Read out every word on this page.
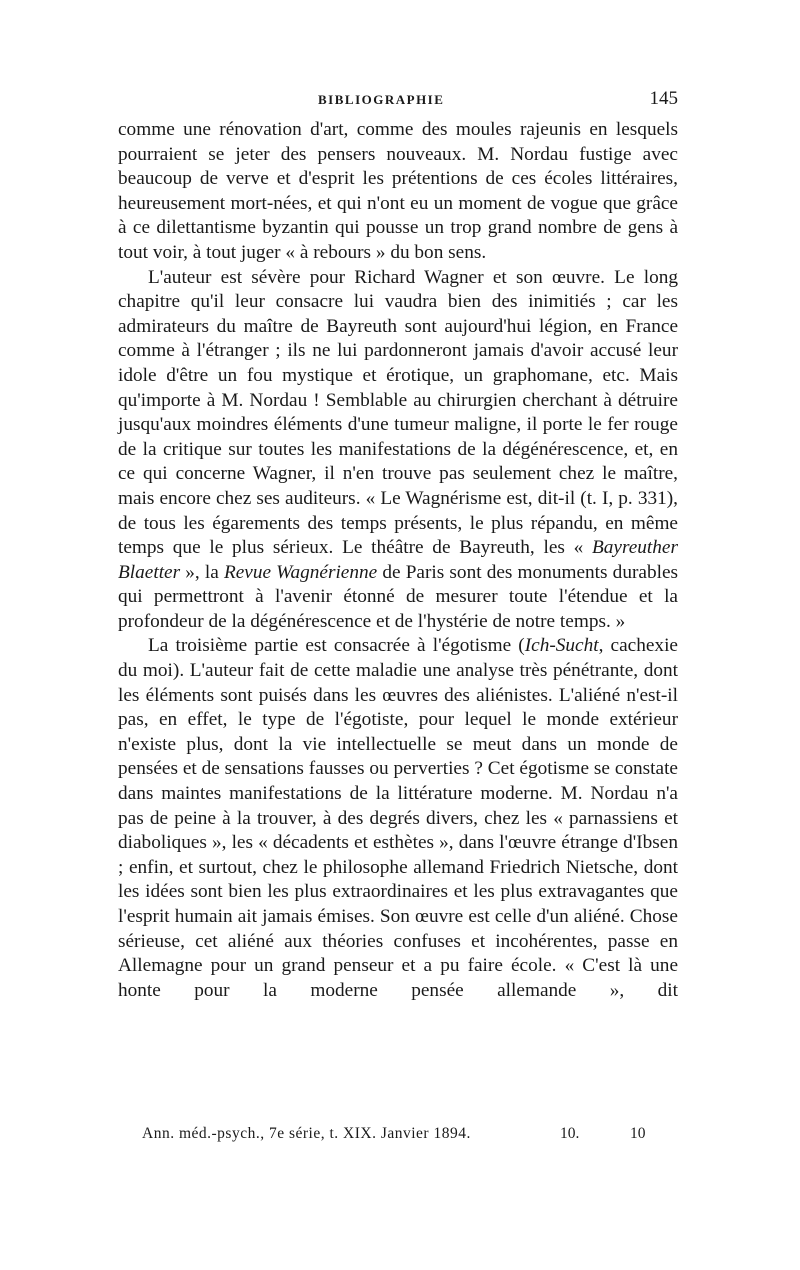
BIBLIOGRAPHIE	145

comme une rénovation d'art, comme des moules rajeunis en lesquels pourraient se jeter des pensers nouveaux. M. Nordau fustige avec beaucoup de verve et d'esprit les prétentions de ces écoles littéraires, heureusement mort-nées, et qui n'ont eu un moment de vogue que grâce à ce dilettantisme byzantin qui pousse un trop grand nombre de gens à tout voir, à tout juger « à rebours » du bon sens.

L'auteur est sévère pour Richard Wagner et son œuvre. Le long chapitre qu'il leur consacre lui vaudra bien des inimitiés ; car les admirateurs du maître de Bayreuth sont aujourd'hui légion, en France comme à l'étranger ; ils ne lui pardonneront jamais d'avoir accusé leur idole d'être un fou mystique et érotique, un graphomane, etc. Mais qu'importe à M. Nordau ! Semblable au chirurgien cherchant à détruire jusqu'aux moindres éléments d'une tumeur maligne, il porte le fer rouge de la critique sur toutes les manifestations de la dégénérescence, et, en ce qui concerne Wagner, il n'en trouve pas seulement chez le maître, mais encore chez ses auditeurs. « Le Wagnérisme est, dit-il (t. I, p. 331), de tous les égarements des temps présents, le plus répandu, en même temps que le plus sérieux. Le théâtre de Bayreuth, les « Bayreuther Blaetter », la Revue Wagnérienne de Paris sont des monuments durables qui permettront à l'avenir étonné de mesurer toute l'étendue et la profondeur de la dégénérescence et de l'hystérie de notre temps. »

La troisième partie est consacrée à l'égotisme (Ich-Sucht, cachexie du moi). L'auteur fait de cette maladie une analyse très pénétrante, dont les éléments sont puisés dans les œuvres des aliénistes. L'aliéné n'est-il pas, en effet, le type de l'égotiste, pour lequel le monde extérieur n'existe plus, dont la vie intellectuelle se meut dans un monde de pensées et de sensations fausses ou perverties ? Cet égotisme se constate dans maintes manifestations de la littérature moderne. M. Nordau n'a pas de peine à la trouver, à des degrés divers, chez les « parnassiens et diaboliques », les « décadents et esthètes », dans l'œuvre étrange d'Ibsen ; enfin, et surtout, chez le philosophe allemand Friedrich Nietsche, dont les idées sont bien les plus extraordinaires et les plus extravagantes que l'esprit humain ait jamais émises. Son œuvre est celle d'un aliéné. Chose sérieuse, cet aliéné aux théories confuses et incohérentes, passe en Allemagne pour un grand penseur et a pu faire école. « C'est là une honte pour la moderne pensée allemande », dit

Ann. méd.-psych., 7e série, t. XIX. Janvier 1894.	10.	10
